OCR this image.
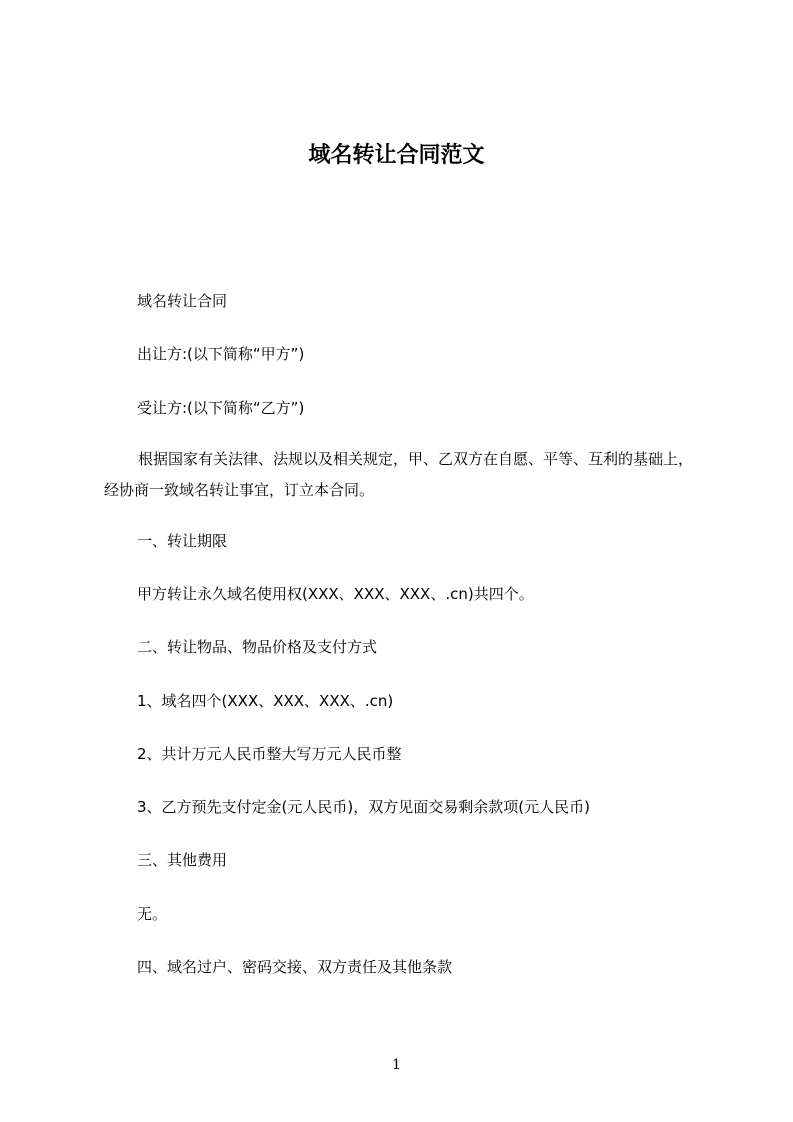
域名转让合同范文
域名转让合同
出让方:(以下简称“甲方”)
受让方:(以下简称“乙方”)
根据国家有关法律、法规以及相关规定，甲、乙双方在自愿、平等、互利的基础上，经协商一致域名转让事宜，订立本合同。
一、转让期限
甲方转让永久域名使用权(XXX、XXX、XXX、.cn)共四个。
二、转让物品、物品价格及支付方式
1、域名四个(XXX、XXX、XXX、.cn)
2、共计万元人民币整大写万元人民币整
3、乙方预先支付定金(元人民币)，双方见面交易剩余款项(元人民币)
三、其他费用
无。
四、域名过户、密码交接、双方责任及其他条款
1
